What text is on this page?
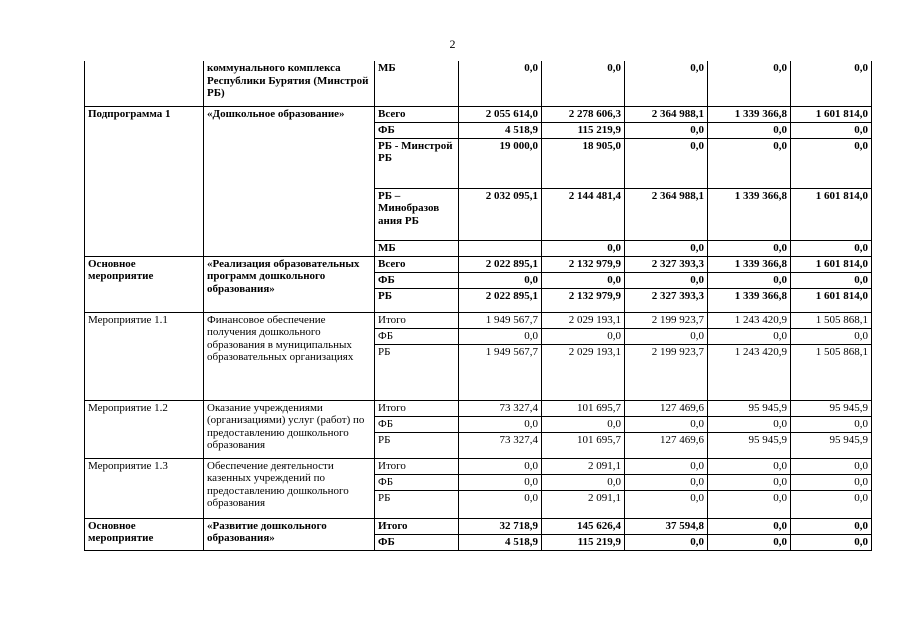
2
	коммунального комплекса Республики Бурятия (Минстрой РБ)	МБ	0,0	0,0	0,0	0,0	0,0
Подпрограмма 1	«Дошкольное образование»	Всего	2 055 614,0	2 278 606,3	2 364 988,1	1 339 366,8	1 601 814,0
		ФБ	4 518,9	115 219,9	0,0	0,0	0,0
		РБ - Минстрой РБ	19 000,0	18 905,0	0,0	0,0	0,0
		РБ – Минобразов ания РБ	2 032 095,1	2 144 481,4	2 364 988,1	1 339 366,8	1 601 814,0
		МБ		0,0	0,0	0,0	0,0
Основное мероприятие	«Реализация образовательных программ дошкольного образования»	Всего	2 022 895,1	2 132 979,9	2 327 393,3	1 339 366,8	1 601 814,0
		ФБ	0,0	0,0	0,0	0,0	0,0
		РБ	2 022 895,1	2 132 979,9	2 327 393,3	1 339 366,8	1 601 814,0
Мероприятие 1.1	Финансовое обеспечение получения дошкольного образования в муниципальных образовательных организациях	Итого	1 949 567,7	2 029 193,1	2 199 923,7	1 243 420,9	1 505 868,1
		ФБ	0,0	0,0	0,0	0,0	0,0
		РБ	1 949 567,7	2 029 193,1	2 199 923,7	1 243 420,9	1 505 868,1
Мероприятие 1.2	Оказание учреждениями (организациями) услуг (работ) по предоставлению дошкольного образования	Итого	73 327,4	101 695,7	127 469,6	95 945,9	95 945,9
		ФБ	0,0	0,0	0,0	0,0	0,0
		РБ	73 327,4	101 695,7	127 469,6	95 945,9	95 945,9
Мероприятие 1.3	Обеспечение деятельности казенных учреждений по предоставлению дошкольного образования	Итого	0,0	2 091,1	0,0	0,0	0,0
		ФБ	0,0	0,0	0,0	0,0	0,0
		РБ	0,0	2 091,1	0,0	0,0	0,0
Основное мероприятие	«Развитие дошкольного образования»	Итого	32 718,9	145 626,4	37 594,8	0,0	0,0
		ФБ	4 518,9	115 219,9	0,0	0,0	0,0
